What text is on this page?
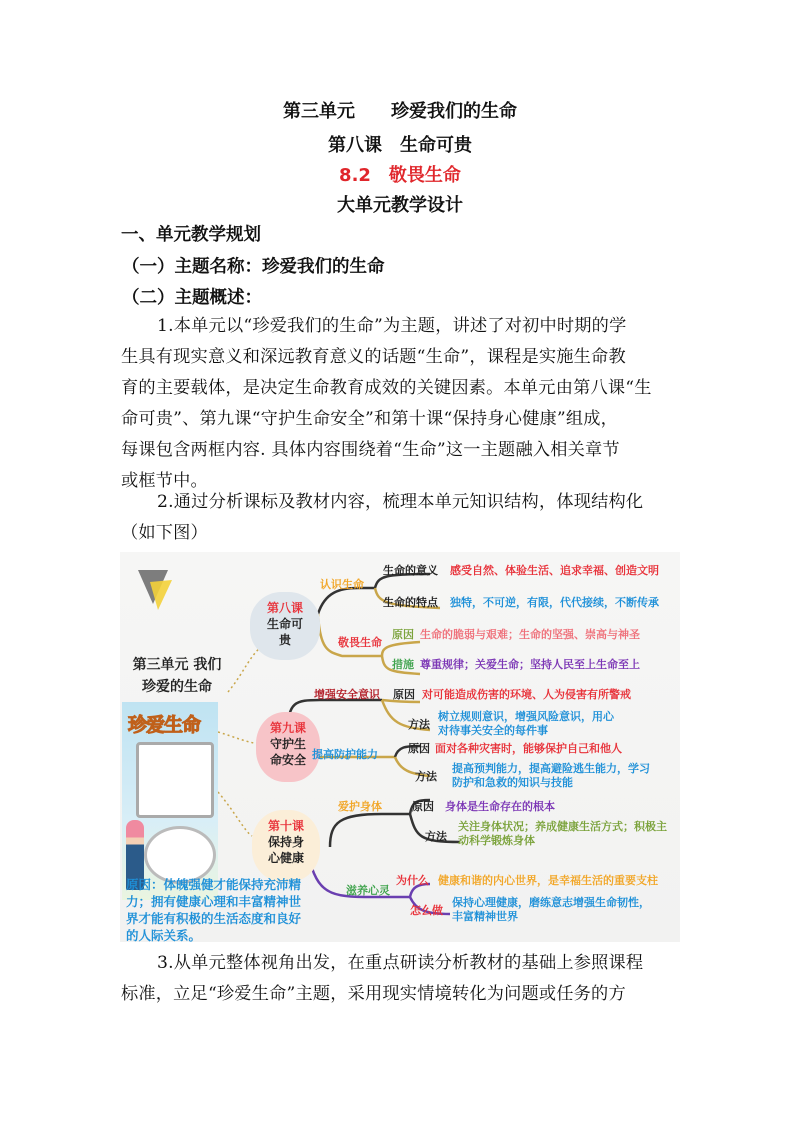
第三单元　　珍爱我们的生命
第八课　生命可贵
8.2　敬畏生命
大单元教学设计
一、单元教学规划
（一）主题名称：珍爱我们的生命
（二）主题概述：
1.本单元以“珍爱我们的生命”为主题，讲述了对初中时期的学
生具有现实意义和深远教育意义的话题“生命”，课程是实施生命教
育的主要载体，是决定生命教育成效的关键因素。本单元由第八课“生
命可贵”、第九课“守护生命安全”和第十课“保持身心健康”组成，
每课包含两框内容. 具体内容围绕着“生命”这一主题融入相关章节
或框节中。
2.通过分析课标及教材内容，梳理本单元知识结构，体现结构化
（如下图）
第三单元 我们
珍爱的生命
珍爱生命
第八课
生命可
贵
第九课
守护生
命安全
第十课
保持身
心健康
认识生命
敬畏生命
生命的意义 感受自然、体验生活、追求幸福、创造文明
生命的特点 独特，不可逆，有限，代代接续，不断传承
原因 生命的脆弱与艰难；生命的坚强、崇高与神圣
措施 尊重规律；关爱生命；坚持人民至上生命至上
增强安全意识
提高防护能力
原因 对可能造成伤害的环境、人为侵害有所警戒
方法
树立规则意识，增强风险意识，用心
对待事关安全的每件事
原因 面对各种灾害时，能够保护自己和他人
方法
提高预判能力，提高避险逃生能力，学习
防护和急救的知识与技能
爱护身体
滋养心灵
原因 身体是生命存在的根本
方法
关注身体状况；养成健康生活方式；积极主
动科学锻炼身体
为什么 健康和谐的内心世界，是幸福生活的重要支柱
怎么做
保持心理健康，磨练意志增强生命韧性，
丰富精神世界
原因：体魄强健才能保持充沛精
力；拥有健康心理和丰富精神世
界才能有积极的生活态度和良好
的人际关系。
3.从单元整体视角出发，在重点研读分析教材的基础上参照课程
标准，立足“珍爱生命”主题，采用现实情境转化为问题或任务的方
